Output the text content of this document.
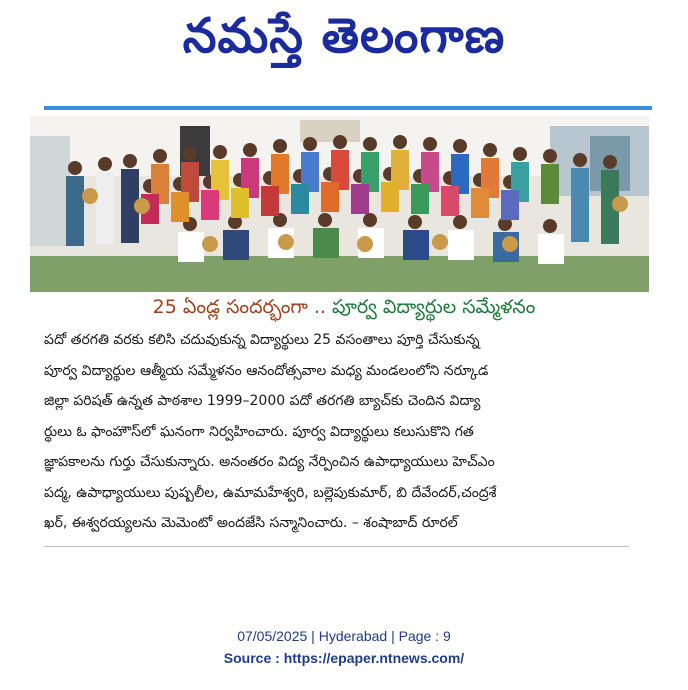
నమస్తే తెలంగాణ
25 ఏండ్ల సందర్భంగా .. పూర్వ విద్యార్థుల సమ్మేళనం
పదో తరగతి వరకు కలిసి చదువుకున్న విద్యార్థులు 25 వసంతాలు పూర్తి చేసుకున్న
పూర్వ విద్యార్థుల ఆత్మీయ సమ్మేళనం ఆనందోత్సవాల మధ్య మండలంలోని నర్కూడ
జిల్లా పరిషత్ ఉన్నత పాఠశాల 1999–2000 పదో తరగతి బ్యాచ్‌కు చెందిన విద్యా
ర్థులు ఓ ఫాంహౌస్‌లో ఘనంగా నిర్వహించారు. పూర్వ విద్యార్థులు కలుసుకొని గత
జ్ఞాపకాలను గుర్తు చేసుకున్నారు. అనంతరం విద్య నేర్పించిన ఉపాధ్యాయులు హెచ్ఎం
పద్మ, ఉపాధ్యాయులు పుష్పలీల, ఉమామహేశ్వరి, బల్లెపుకుమార్, బి దేవేందర్,చంద్రశే
ఖర్, ఈశ్వరయ్యలను మెమెంటో అందజేసి సన్మానించారు. – శంషాబాద్ రూరల్
07/05/2025 | Hyderabad | Page : 9
Source : https://epaper.ntnews.com/
